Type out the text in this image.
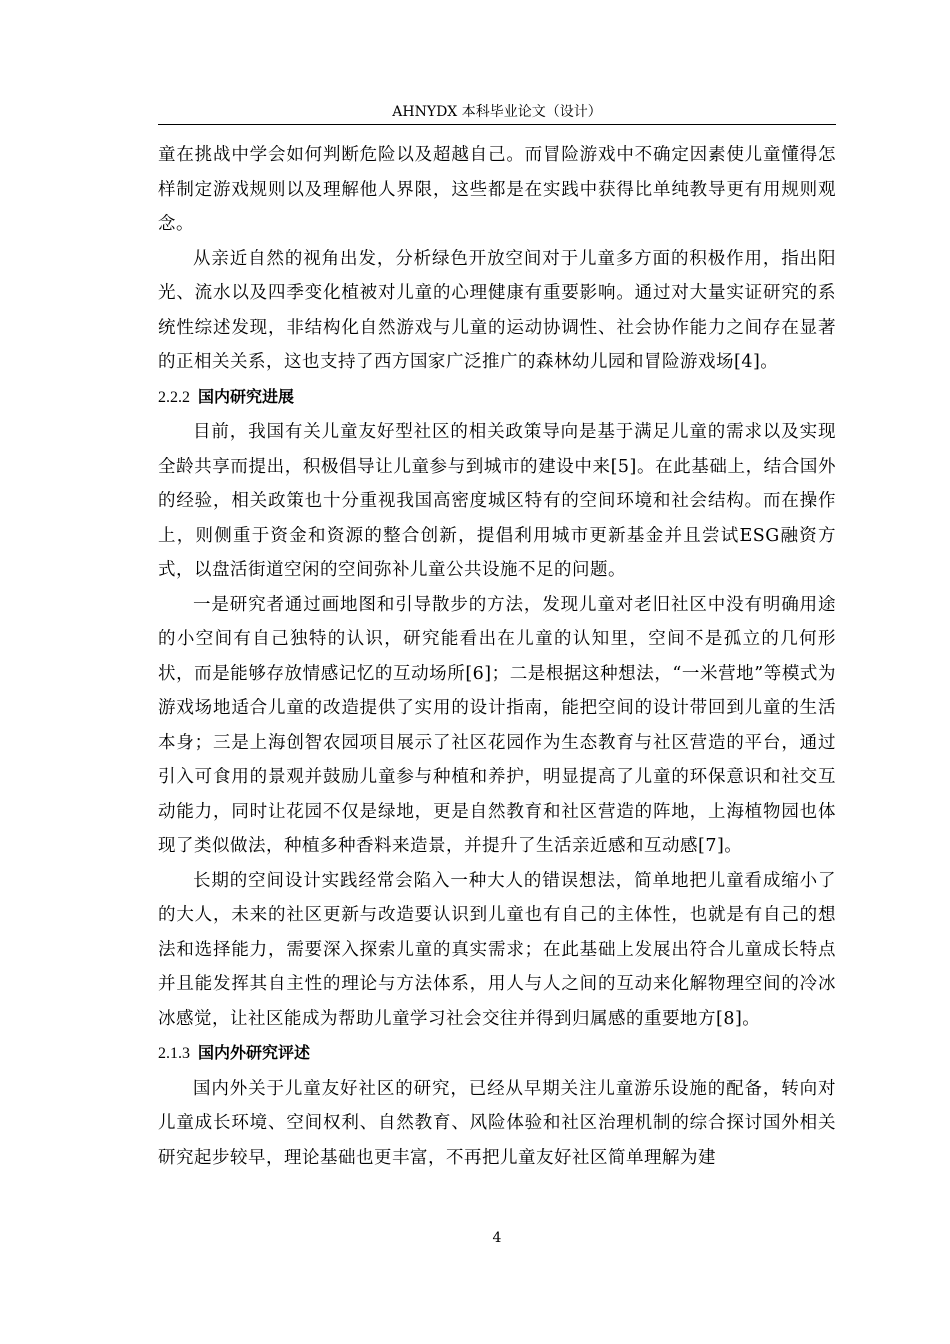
AHNYDX 本科毕业论文（设计）

童在挑战中学会如何判断危险以及超越自己。而冒险游戏中不确定因素使儿童懂得怎样制定游戏规则以及理解他人界限，这些都是在实践中获得比单纯教导更有用规则观念。

从亲近自然的视角出发，分析绿色开放空间对于儿童多方面的积极作用，指出阳光、流水以及四季变化植被对儿童的心理健康有重要影响。通过对大量实证研究的系统性综述发现，非结构化自然游戏与儿童的运动协调性、社会协作能力之间存在显著的正相关关系，这也支持了西方国家广泛推广的森林幼儿园和冒险游戏场[4]。

2.2.2 国内研究进展

目前，我国有关儿童友好型社区的相关政策导向是基于满足儿童的需求以及实现全龄共享而提出，积极倡导让儿童参与到城市的建设中来[5]。在此基础上，结合国外的经验，相关政策也十分重视我国高密度城区特有的空间环境和社会结构。而在操作上，则侧重于资金和资源的整合创新，提倡利用城市更新基金并且尝试ESG融资方式，以盘活街道空闲的空间弥补儿童公共设施不足的问题。

一是研究者通过画地图和引导散步的方法，发现儿童对老旧社区中没有明确用途的小空间有自己独特的认识，研究能看出在儿童的认知里，空间不是孤立的几何形状，而是能够存放情感记忆的互动场所[6]；二是根据这种想法，“一米营地”等模式为游戏场地适合儿童的改造提供了实用的设计指南，能把空间的设计带回到儿童的生活本身；三是上海创智农园项目展示了社区花园作为生态教育与社区营造的平台，通过引入可食用的景观并鼓励儿童参与种植和养护，明显提高了儿童的环保意识和社交互动能力，同时让花园不仅是绿地，更是自然教育和社区营造的阵地，上海植物园也体现了类似做法，种植多种香料来造景，并提升了生活亲近感和互动感[7]。

长期的空间设计实践经常会陷入一种大人的错误想法，简单地把儿童看成缩小了的大人，未来的社区更新与改造要认识到儿童也有自己的主体性，也就是有自己的想法和选择能力，需要深入探索儿童的真实需求；在此基础上发展出符合儿童成长特点并且能发挥其自主性的理论与方法体系，用人与人之间的互动来化解物理空间的冷冰冰感觉，让社区能成为帮助儿童学习社会交往并得到归属感的重要地方[8]。

2.1.3 国内外研究评述

国内外关于儿童友好社区的研究，已经从早期关注儿童游乐设施的配备，转向对儿童成长环境、空间权利、自然教育、风险体验和社区治理机制的综合探讨国外相关研究起步较早，理论基础也更丰富，不再把儿童友好社区简单理解为建

4
